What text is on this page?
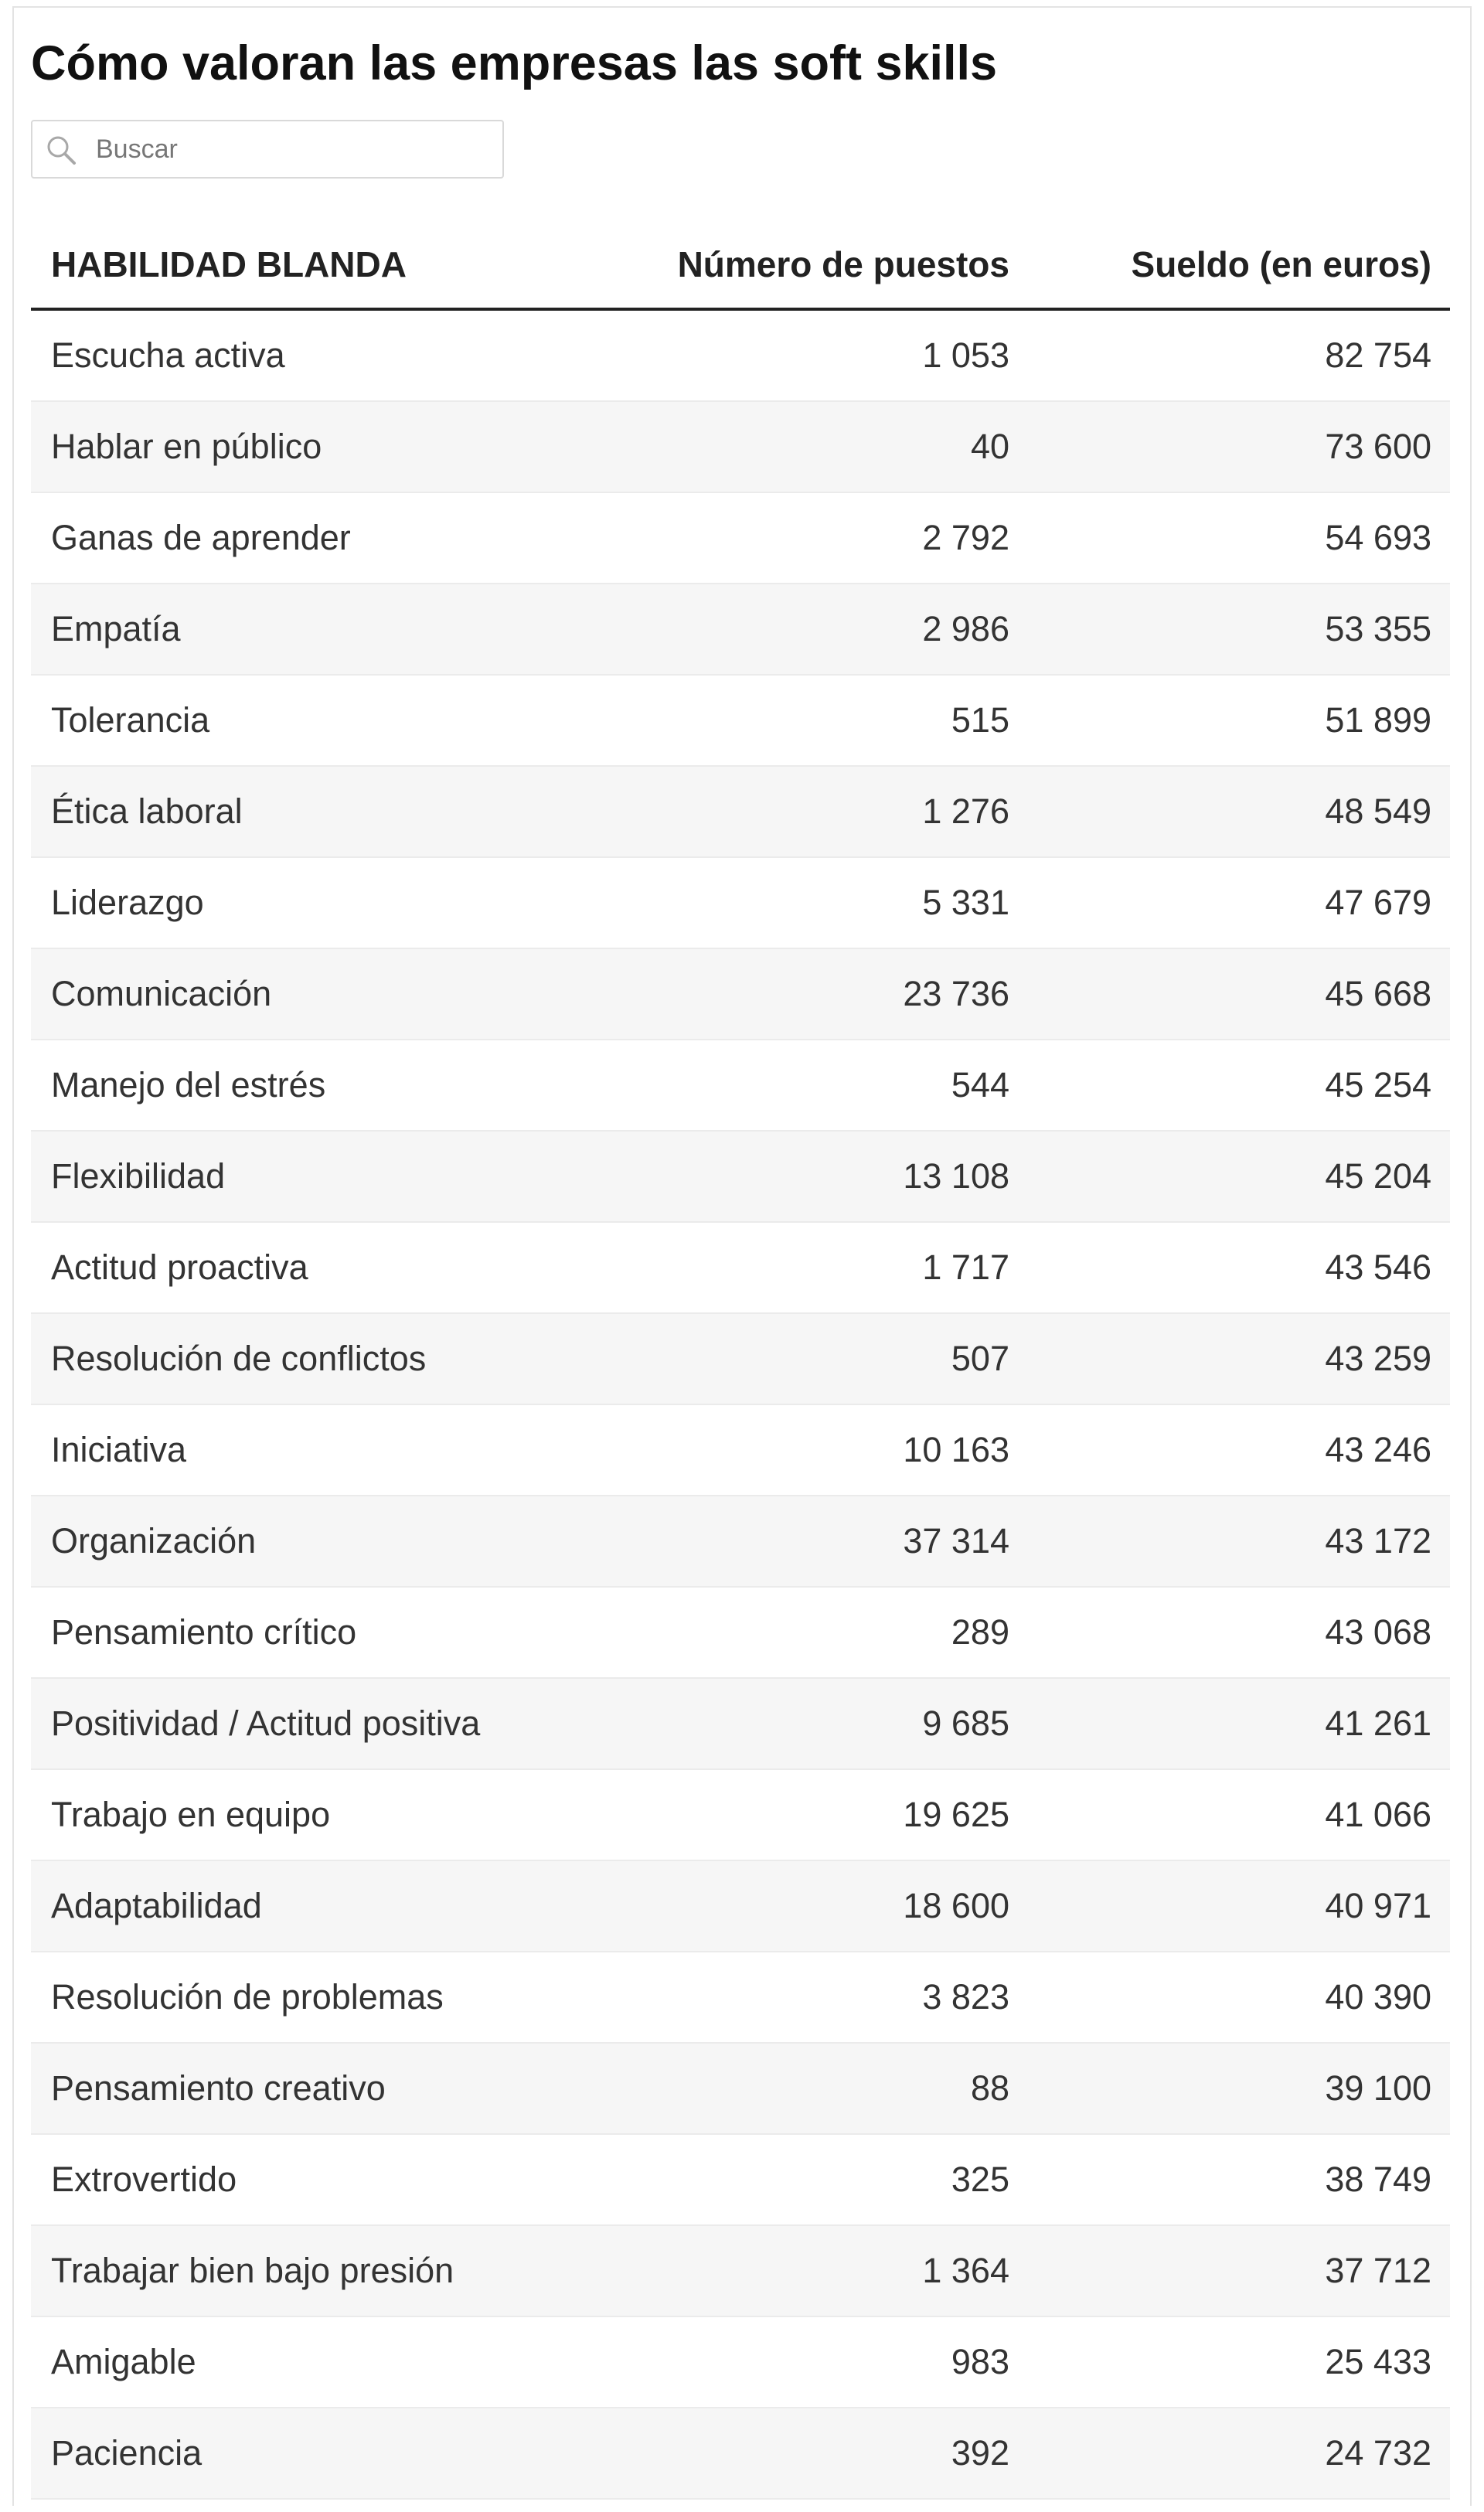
Cómo valoran las empresas las soft skills
Buscar
HABILIDAD BLANDA	Número de puestos	Sueldo (en euros)
Escucha activa	1 053	82 754
Hablar en público	40	73 600
Ganas de aprender	2 792	54 693
Empatía	2 986	53 355
Tolerancia	515	51 899
Ética laboral	1 276	48 549
Liderazgo	5 331	47 679
Comunicación	23 736	45 668
Manejo del estrés	544	45 254
Flexibilidad	13 108	45 204
Actitud proactiva	1 717	43 546
Resolución de conflictos	507	43 259
Iniciativa	10 163	43 246
Organización	37 314	43 172
Pensamiento crítico	289	43 068
Positividad / Actitud positiva	9 685	41 261
Trabajo en equipo	19 625	41 066
Adaptabilidad	18 600	40 971
Resolución de problemas	3 823	40 390
Pensamiento creativo	88	39 100
Extrovertido	325	38 749
Trabajar bien bajo presión	1 364	37 712
Amigable	983	25 433
Paciencia	392	24 732
